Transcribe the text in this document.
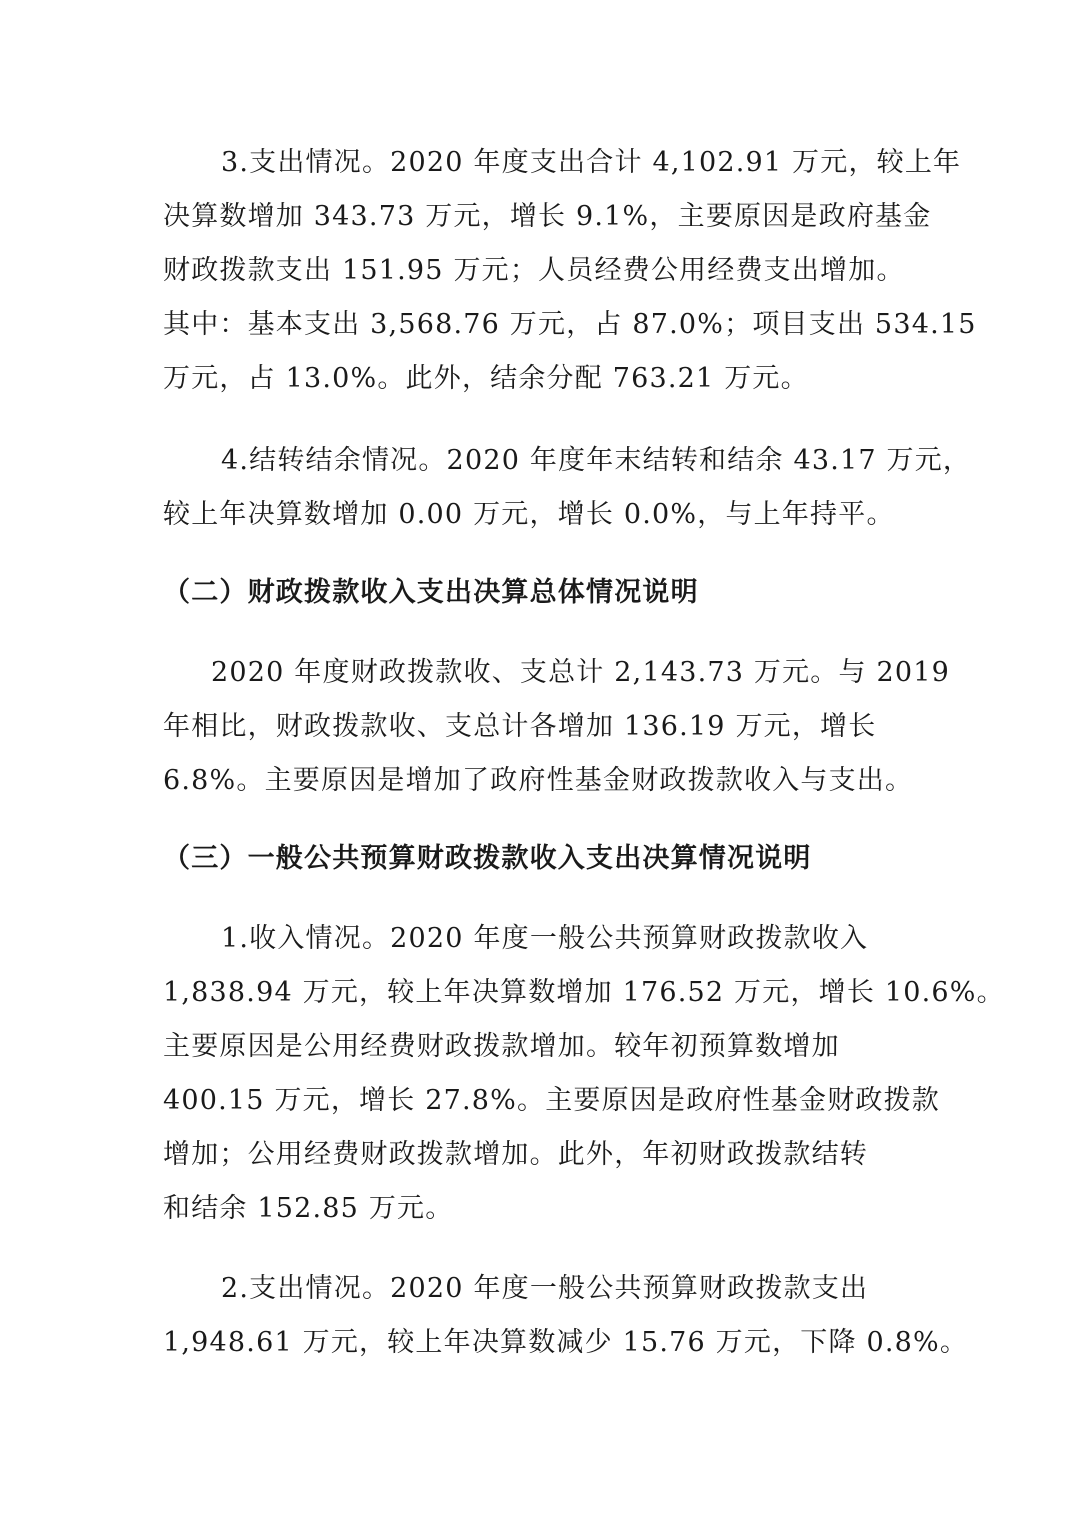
3.支出情况。2020 年度支出合计 4,102.91 万元，较上年
决算数增加 343.73 万元，增长 9.1%，主要原因是政府基金
财政拨款支出 151.95 万元；人员经费公用经费支出增加。
其中：基本支出 3,568.76 万元，占 87.0%；项目支出 534.15
万元，占 13.0%。此外，结余分配 763.21 万元。
4.结转结余情况。2020 年度年末结转和结余 43.17 万元，
较上年决算数增加 0.00 万元，增长 0.0%，与上年持平。
（二）财政拨款收入支出决算总体情况说明
2020 年度财政拨款收、支总计 2,143.73 万元。与 2019
年相比，财政拨款收、支总计各增加 136.19 万元，增长
6.8%。主要原因是增加了政府性基金财政拨款收入与支出。
（三）一般公共预算财政拨款收入支出决算情况说明
1.收入情况。2020 年度一般公共预算财政拨款收入
1,838.94 万元，较上年决算数增加 176.52 万元，增长 10.6%。
主要原因是公用经费财政拨款增加。较年初预算数增加
400.15 万元，增长 27.8%。主要原因是政府性基金财政拨款
增加；公用经费财政拨款增加。此外，年初财政拨款结转
和结余 152.85 万元。
2.支出情况。2020 年度一般公共预算财政拨款支出
1,948.61 万元，较上年决算数减少 15.76 万元，下降 0.8%。
